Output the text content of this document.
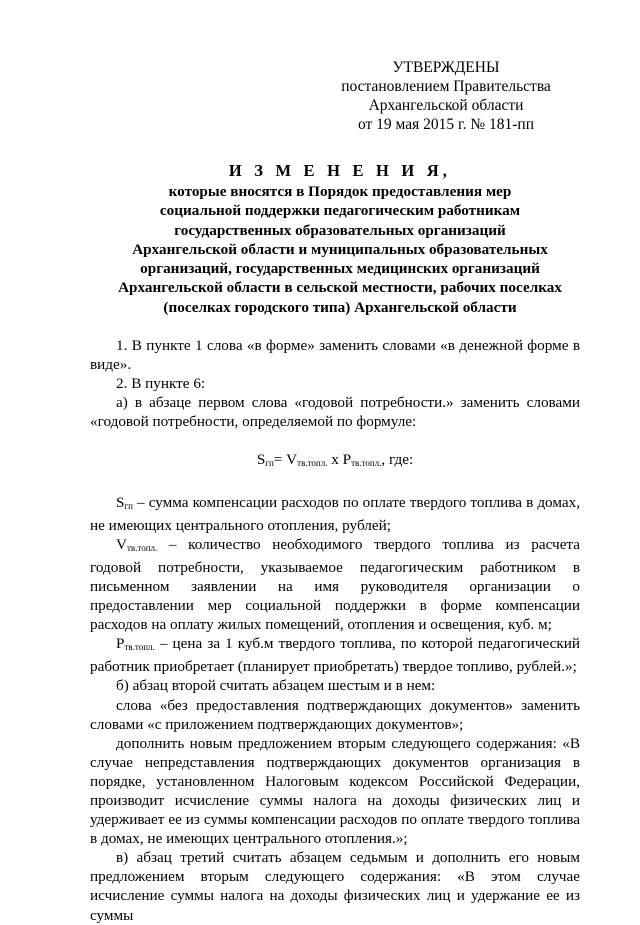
УТВЕРЖДЕНЫ
постановлением Правительства
Архангельской области
от 19 мая 2015 г. № 181-пп
И З М Е Н Е Н И Я,
которые вносятся в Порядок предоставления мер
социальной поддержки педагогическим работникам
государственных образовательных организаций
Архангельской области и муниципальных образовательных
организаций, государственных медицинских организаций
Архангельской области в сельской местности, рабочих поселках
(поселках городского типа) Архангельской области

1. В пункте 1 слова «в форме» заменить словами «в денежной форме в виде».

2. В пункте 6:

а) в абзаце первом слова «годовой потребности.» заменить словами «годовой потребности, определяемой по формуле:

$S_{гп}= V_{тв.топл.}$ х $Р_{тв.топл.}$, где:

$S_{гп}$ – сумма компенсации расходов по оплате твердого топлива в домах, не имеющих центрального отопления, рублей;

$V_{тв.топл.}$ – количество необходимого твердого топлива из расчета годовой потребности, указываемое педагогическим работником в письменном заявлении на имя руководителя организации о предоставлении мер социальной поддержки в форме компенсации расходов на оплату жилых помещений, отопления и освещения, куб. м;

$Р_{тв.топл.}$ – цена за 1 куб.м твердого топлива, по которой педагогический работник приобретает (планирует приобретать) твердое топливо, рублей.»;

б) абзац второй считать абзацем шестым и в нем:

слова «без предоставления подтверждающих документов» заменить словами «с приложением подтверждающих документов»;

дополнить новым предложением вторым следующего содержания: «В случае непредставления подтверждающих документов организация в порядке, установленном Налоговым кодексом Российской Федерации, производит исчисление суммы налога на доходы физических лиц и удерживает ее из суммы компенсации расходов по оплате твердого топлива в домах, не имеющих центрального отопления.»;

в) абзац третий считать абзацем седьмым и дополнить его новым предложением вторым следующего содержания: «В этом случае исчисление суммы налога на доходы физических лиц и удержание ее из суммы
